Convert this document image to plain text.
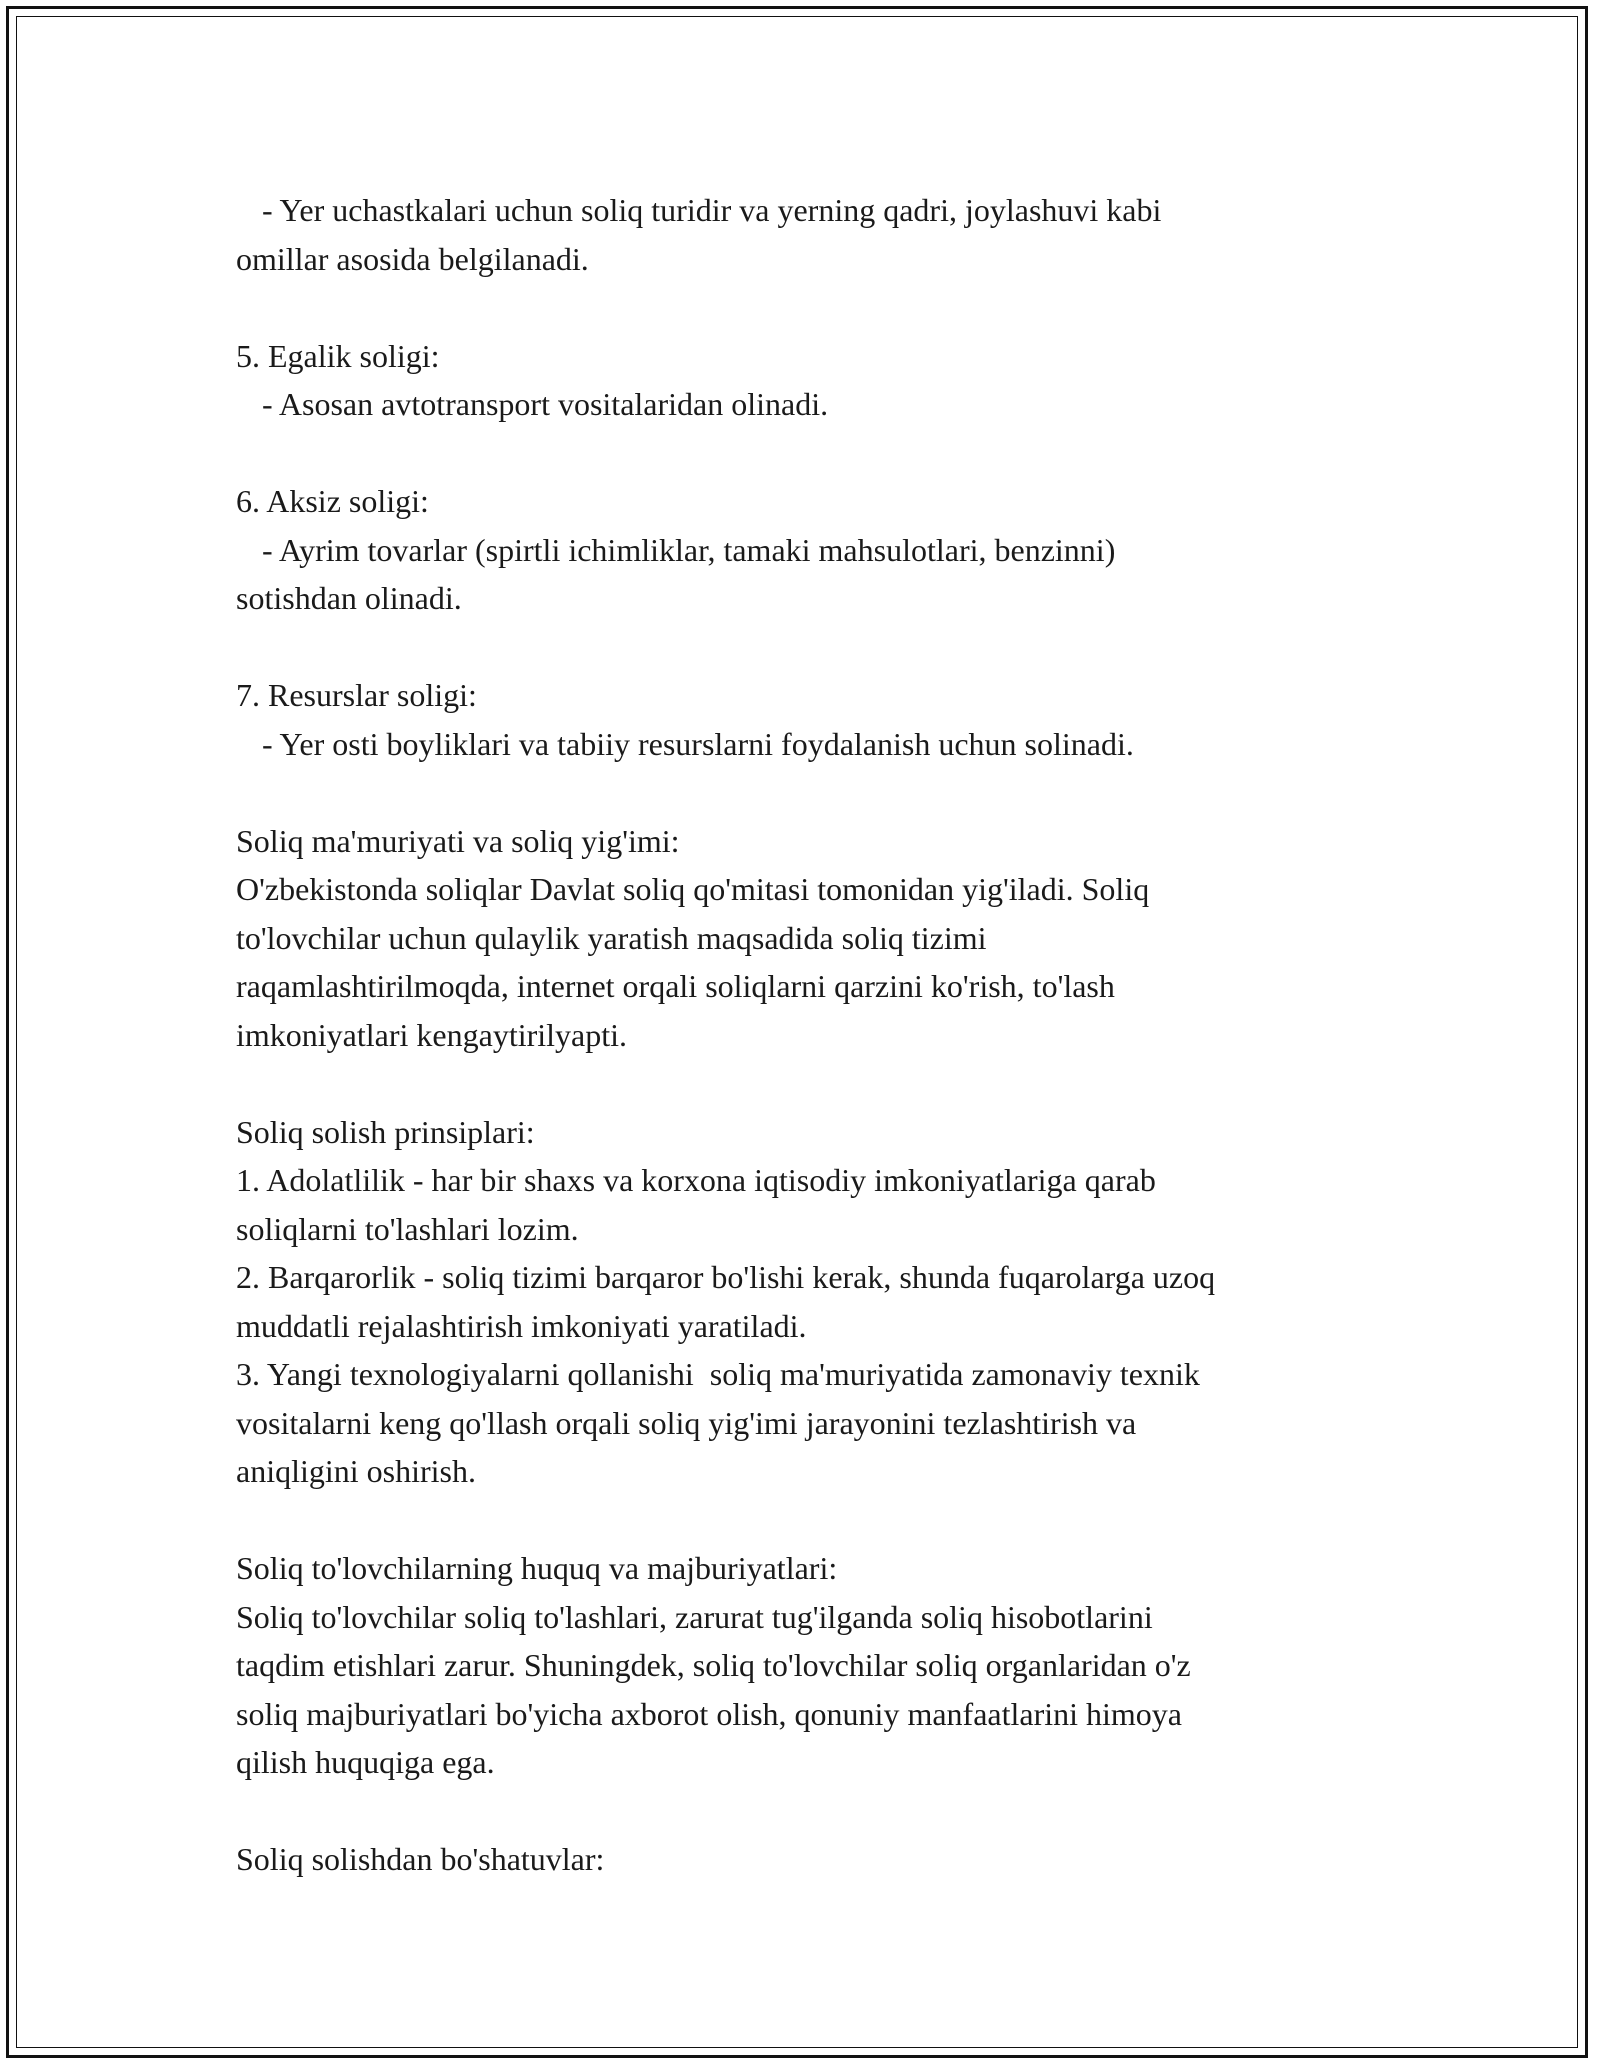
- Yer uchastkalari uchun soliq turidir va yerning qadri, joylashuvi kabi
omillar asosida belgilanadi.
5. Egalik soligi:
- Asosan avtotransport vositalaridan olinadi.
6. Aksiz soligi:
- Ayrim tovarlar (spirtli ichimliklar, tamaki mahsulotlari, benzinni)
sotishdan olinadi.
7. Resurslar soligi:
- Yer osti boyliklari va tabiiy resurslarni foydalanish uchun solinadi.
Soliq ma'muriyati va soliq yig'imi:
O'zbekistonda soliqlar Davlat soliq qo'mitasi tomonidan yig'iladi. Soliq
to'lovchilar uchun qulaylik yaratish maqsadida soliq tizimi
raqamlashtirilmoqda, internet orqali soliqlarni qarzini ko'rish, to'lash
imkoniyatlari kengaytirilyapti.
Soliq solish prinsiplari:
1. Adolatlilik - har bir shaxs va korxona iqtisodiy imkoniyatlariga qarab
soliqlarni to'lashlari lozim.
2. Barqarorlik - soliq tizimi barqaror bo'lishi kerak, shunda fuqarolarga uzoq
muddatli rejalashtirish imkoniyati yaratiladi.
3. Yangi texnologiyalarni qollanishi  soliq ma'muriyatida zamonaviy texnik
vositalarni keng qo'llash orqali soliq yig'imi jarayonini tezlashtirish va
aniqligini oshirish.
Soliq to'lovchilarning huquq va majburiyatlari:
Soliq to'lovchilar soliq to'lashlari, zarurat tug'ilganda soliq hisobotlarini
taqdim etishlari zarur. Shuningdek, soliq to'lovchilar soliq organlaridan o'z
soliq majburiyatlari bo'yicha axborot olish, qonuniy manfaatlarini himoya
qilish huquqiga ega.
Soliq solishdan bo'shatuvlar:
